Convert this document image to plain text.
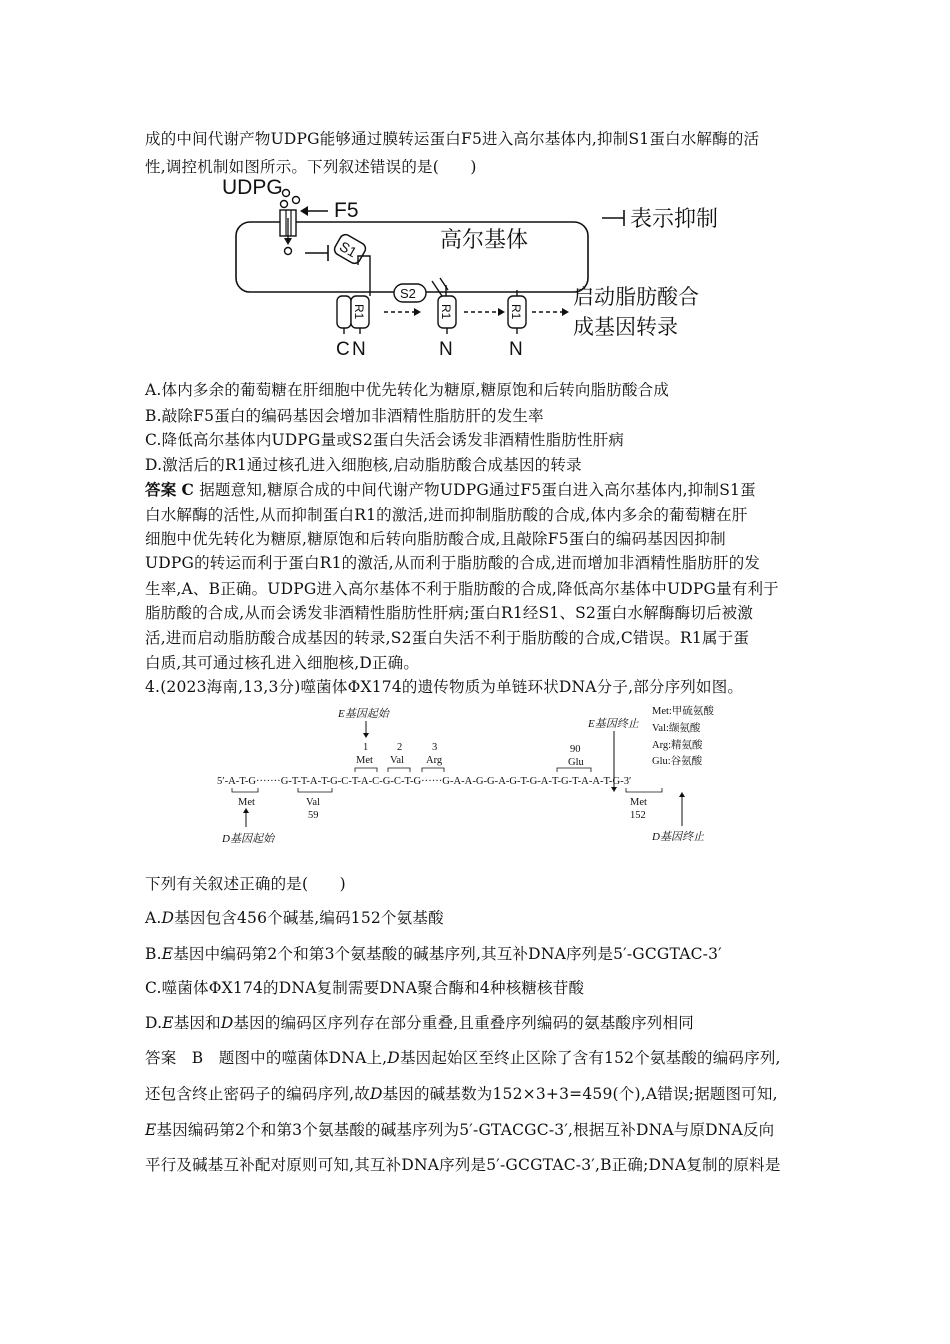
成的中间代谢产物UDPG能够通过膜转运蛋白F5进入高尔基体内,抑制S1蛋白水解酶的活
性,调控机制如图所示。下列叙述错误的是(　　)
UDPG
F5
高尔基体
表示抑制
S1
R1
C N
S2
R1
N
R1
N
启动脂肪酸合
成基因转录
A.体内多余的葡萄糖在肝细胞中优先转化为糖原,糖原饱和后转向脂肪酸合成
B.敲除F5蛋白的编码基因会增加非酒精性脂肪肝的发生率
C.降低高尔基体内UDPG量或S2蛋白失活会诱发非酒精性脂肪性肝病
D.激活后的R1通过核孔进入细胞核,启动脂肪酸合成基因的转录
答案 C 据题意知,糖原合成的中间代谢产物UDPG通过F5蛋白进入高尔基体内,抑制S1蛋
白水解酶的活性,从而抑制蛋白R1的激活,进而抑制脂肪酸的合成,体内多余的葡萄糖在肝
细胞中优先转化为糖原,糖原饱和后转向脂肪酸合成,且敲除F5蛋白的编码基因因抑制
UDPG的转运而利于蛋白R1的激活,从而利于脂肪酸的合成,进而增加非酒精性脂肪肝的发
生率,A、B正确。UDPG进入高尔基体不利于脂肪酸的合成,降低高尔基体中UDPG量有利于
脂肪酸的合成,从而会诱发非酒精性脂肪性肝病;蛋白R1经S1、S2蛋白水解酶酶切后被激
活,进而启动脂肪酸合成基因的转录,S2蛋白失活不利于脂肪酸的合成,C错误。R1属于蛋
白质,其可通过核孔进入细胞核,D正确。
4.(2023海南,13,3分)噬菌体ΦX174的遗传物质为单链环状DNA分子,部分序列如图。
E基因起始
E基因终止
Met:甲硫氨酸
Val:缬氨酸
Arg:精氨酸
Glu:谷氨酸
1	2	3	90
Met Val Arg	Glu
5′-A-T-G·······G-T-T-A-T-G-C-T-A-C-G-C-T-G······G-A-A-G-G-A-G-T-G-A-T-G-T-A-A-T-G-3′
Met	Val	Met
59	152
D基因起始	D基因终止
下列有关叙述正确的是(　　)
A.D基因包含456个碱基,编码152个氨基酸
B.E基因中编码第2个和第3个氨基酸的碱基序列,其互补DNA序列是5′-GCGTAC-3′
C.噬菌体ΦX174的DNA复制需要DNA聚合酶和4种核糖核苷酸
D.E基因和D基因的编码区序列存在部分重叠,且重叠序列编码的氨基酸序列相同
答案 B 题图中的噬菌体DNA上,D基因起始区至终止区除了含有152个氨基酸的编码序列,
还包含终止密码子的编码序列,故D基因的碱基数为152×3+3=459(个),A错误;据题图可知,
E基因编码第2个和第3个氨基酸的碱基序列为5′-GTACGC-3′,根据互补DNA与原DNA反向
平行及碱基互补配对原则可知,其互补DNA序列是5′-GCGTAC-3′,B正确;DNA复制的原料是
